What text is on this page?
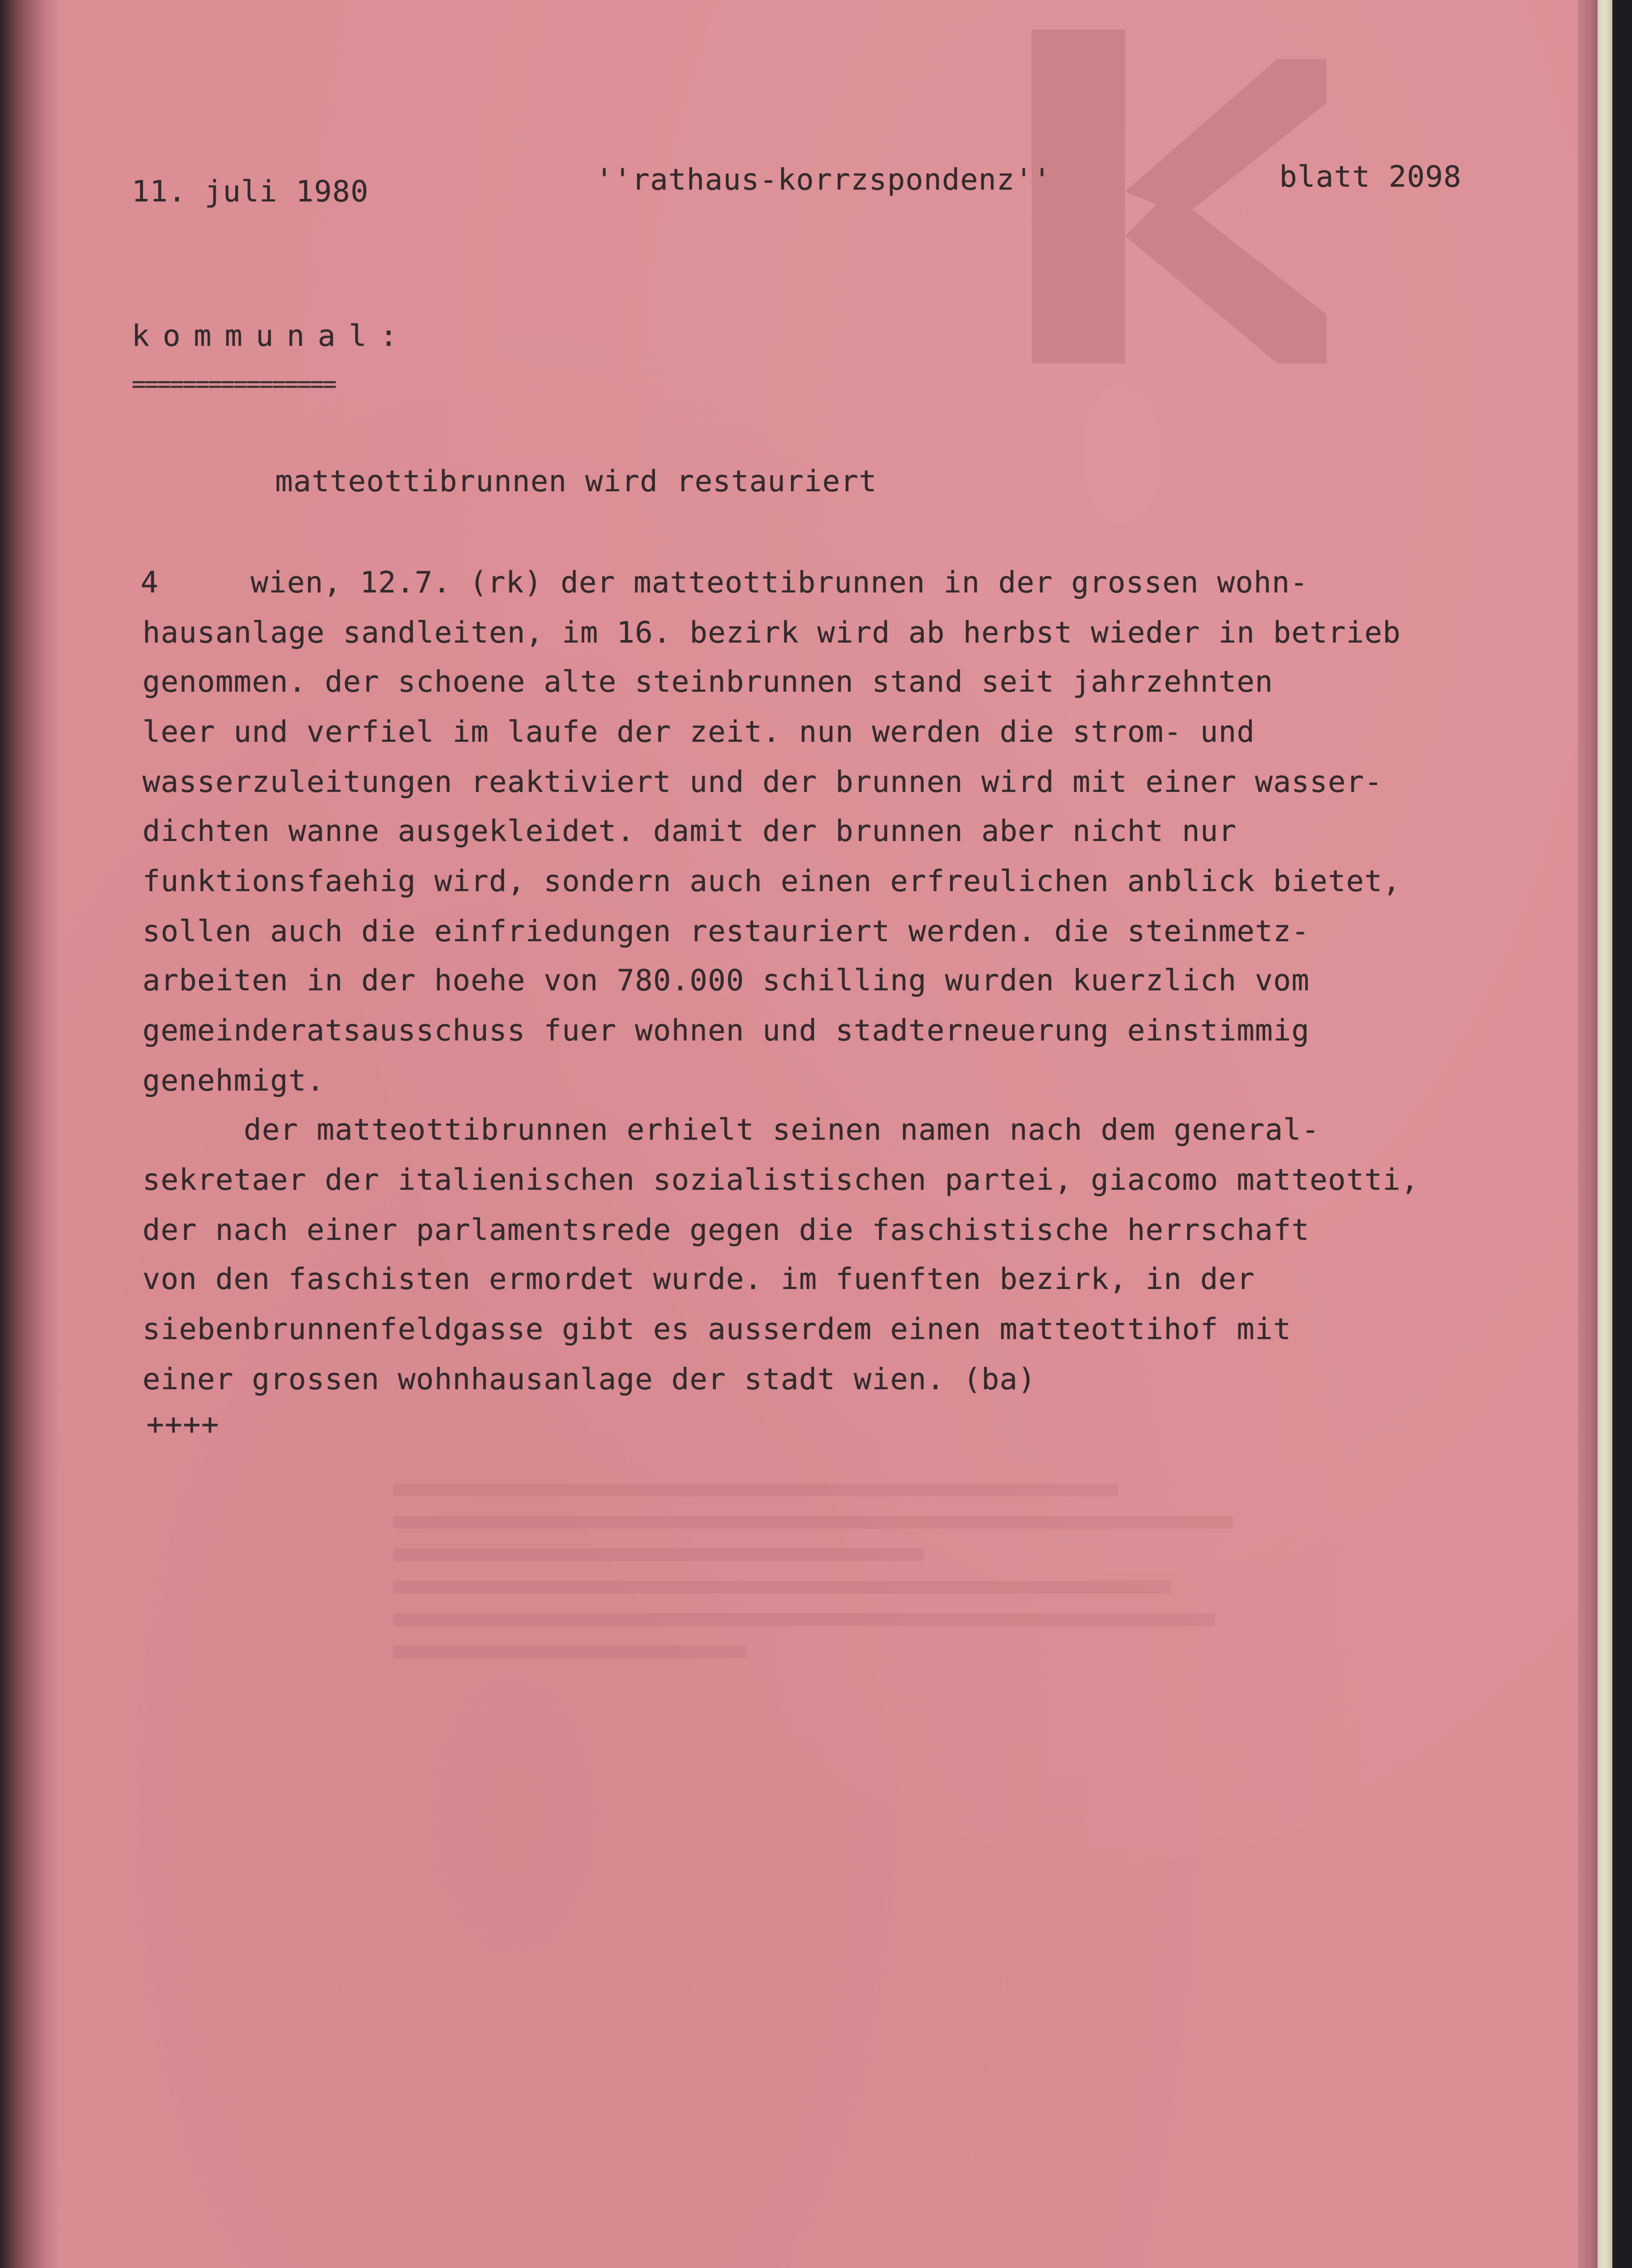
11. juli 1980	''rathaus-korrzspondenz''	blatt 2098
kommunal:
================
matteottibrunnen wird restauriert
4	wien, 12.7. (rk) der matteottibrunnen in der grossen wohn-
hausanlage sandleiten, im 16. bezirk wird ab herbst wieder in betrieb
genommen. der schoene alte steinbrunnen stand seit jahrzehnten
leer und verfiel im laufe der zeit. nun werden die strom- und
wasserzuleitungen reaktiviert und der brunnen wird mit einer wasser-
dichten wanne ausgekleidet. damit der brunnen aber nicht nur
funktionsfaehig wird, sondern auch einen erfreulichen anblick bietet,
sollen auch die einfriedungen restauriert werden. die steinmetz-
arbeiten in der hoehe von 780.000 schilling wurden kuerzlich vom
gemeinderatsausschuss fuer wohnen und stadterneuerung einstimmig
genehmigt.
der matteottibrunnen erhielt seinen namen nach dem general-
sekretaer der italienischen sozialistischen partei, giacomo matteotti,
der nach einer parlamentsrede gegen die faschistische herrschaft
von den faschisten ermordet wurde. im fuenften bezirk, in der
siebenbrunnenfeldgasse gibt es ausserdem einen matteottihof mit
einer grossen wohnhausanlage der stadt wien. (ba)
++++
